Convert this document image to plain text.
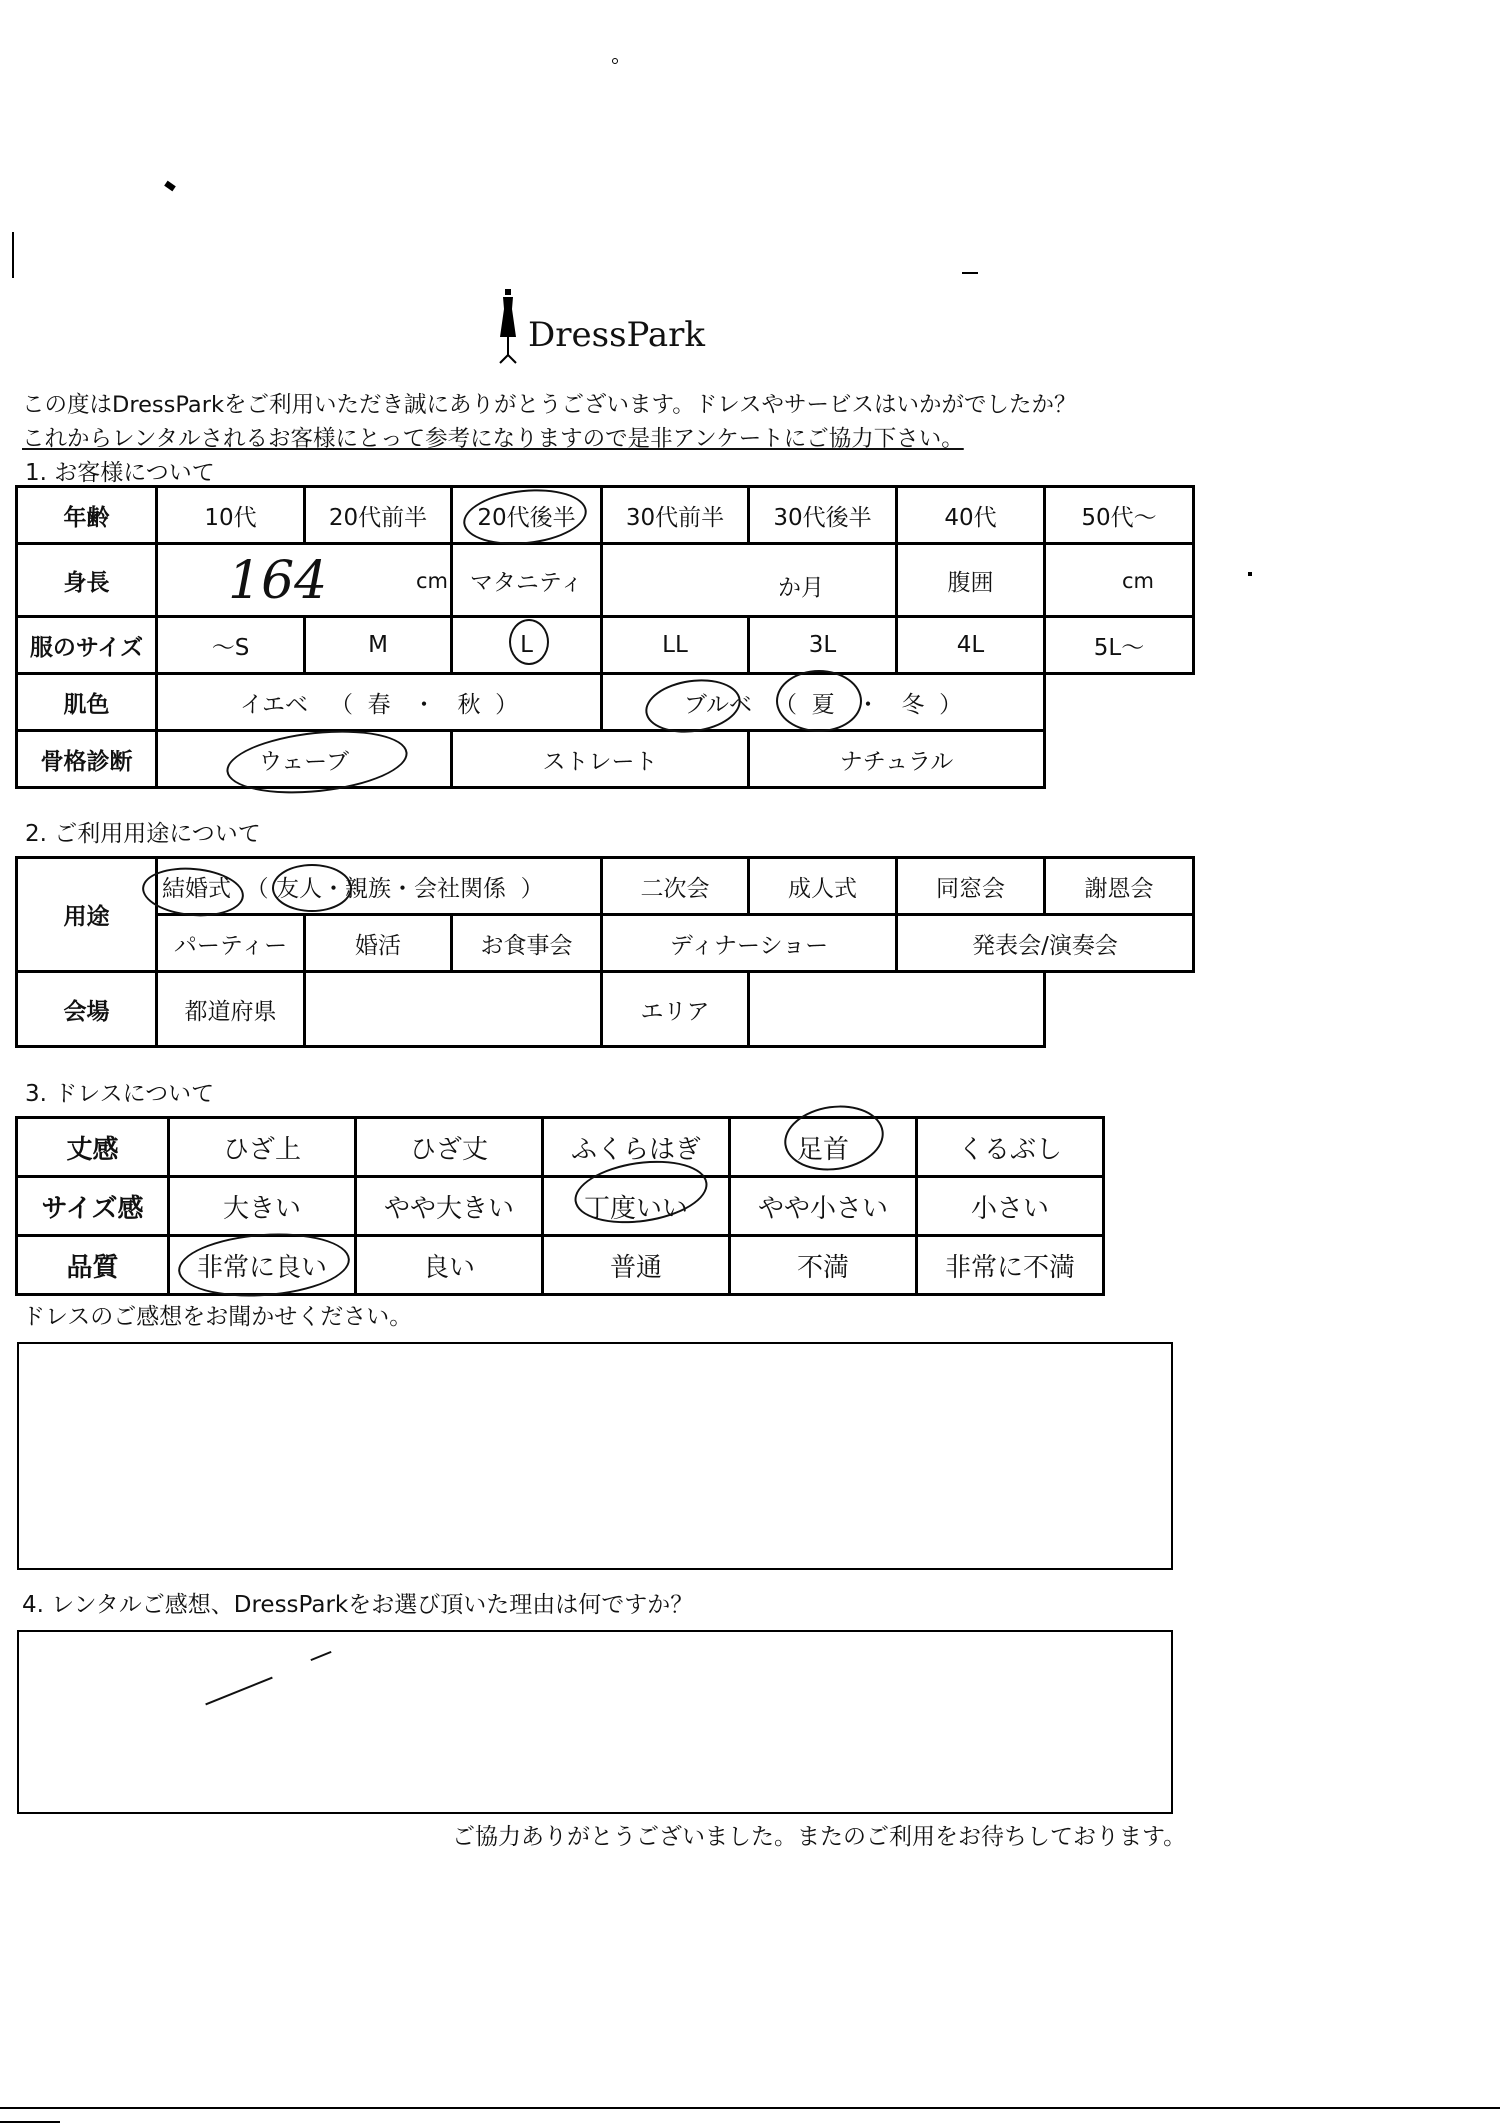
DressPark
この度はDressParkをご利用いただき誠にありがとうございます。ドレスやサービスはいかがでしたか？
これからレンタルされるお客様にとって参考になりますので是非アンケートにご協力下さい。
1. お客様について
年齢	10代	20代前半	20代後半	30代前半	30代後半	40代	50代～
身長	164 cm		マタニティ	か月		腹囲	cm

服のサイズ	～S	M	L	LL	3L	4L	5L～
肌色	イエベ （ 春 ・ 秋 ）			ブルベ （ 夏 ・ 冬 ）			
骨格診断	ウェーブ		ストレート		ナチュラル		
2. ご利用用途について
用途	結婚式 （ 友人・親族・会社関係 ）			二次会	成人式	同窓会	謝恩会
	パーティー	婚活	お食事会	ディナーショー		発表会/演奏会	
会場	都道府県			エリア			
3. ドレスについて
丈感	ひざ上	ひざ丈	ふくらはぎ	足首	くるぶし
サイズ感	大きい	やや大きい	丁度いい	やや小さい	小さい
品質	非常に良い	良い	普通	不満	非常に不満
ドレスのご感想をお聞かせください。
4. レンタルご感想、DressParkをお選び頂いた理由は何ですか？
ご協力ありがとうございました。またのご利用をお待ちしております。
